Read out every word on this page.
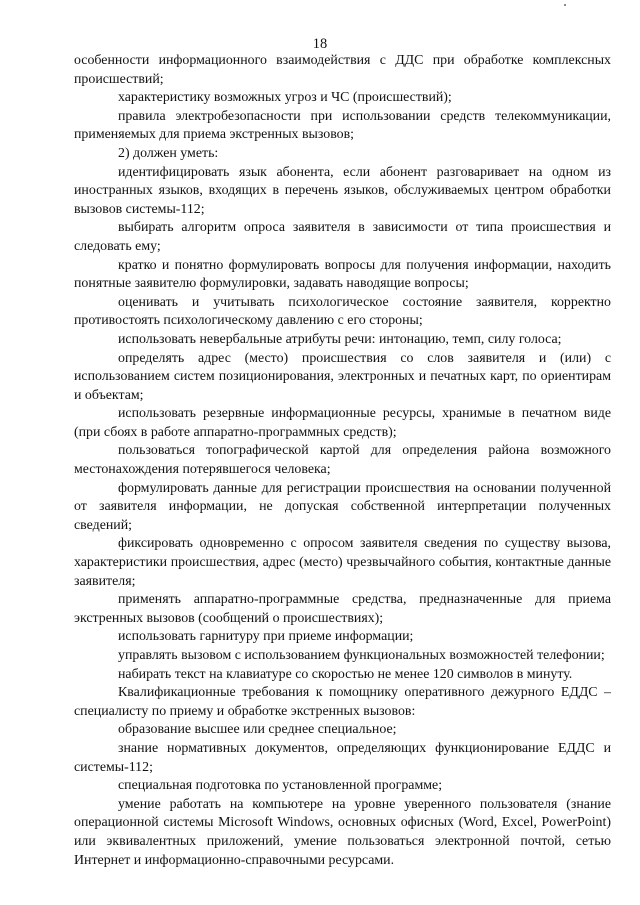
18

особенности информационного взаимодействия с ДДС при обработке комплексных происшествий;

характеристику возможных угроз и ЧС (происшествий);

правила электробезопасности при использовании средств телекоммуникации, применяемых для приема экстренных вызовов;

2) должен уметь:

идентифицировать язык абонента, если абонент разговаривает на одном из иностранных языков, входящих в перечень языков, обслуживаемых центром обработки вызовов системы-112;

выбирать алгоритм опроса заявителя в зависимости от типа происшествия и следовать ему;

кратко и понятно формулировать вопросы для получения информации, находить понятные заявителю формулировки, задавать наводящие вопросы;

оценивать и учитывать психологическое состояние заявителя, корректно противостоять психологическому давлению с его стороны;

использовать невербальные атрибуты речи: интонацию, темп, силу голоса;

определять адрес (место) происшествия со слов заявителя и (или) с использованием систем позиционирования, электронных и печатных карт, по ориентирам и объектам;

использовать резервные информационные ресурсы, хранимые в печатном виде (при сбоях в работе аппаратно-программных средств);

пользоваться топографической картой для определения района возможного местонахождения потерявшегося человека;

формулировать данные для регистрации происшествия на основании полученной от заявителя информации, не допуская собственной интерпретации полученных сведений;

фиксировать одновременно с опросом заявителя сведения по существу вызова, характеристики происшествия, адрес (место) чрезвычайного события, контактные данные заявителя;

применять аппаратно-программные средства, предназначенные для приема экстренных вызовов (сообщений о происшествиях);

использовать гарнитуру при приеме информации;

управлять вызовом с использованием функциональных возможностей телефонии;

набирать текст на клавиатуре со скоростью не менее 120 символов в минуту.

Квалификационные требования к помощнику оперативного дежурного ЕДДС – специалисту по приему и обработке экстренных вызовов:

образование высшее или среднее специальное;

знание нормативных документов, определяющих функционирование ЕДДС и системы-112;

специальная подготовка по установленной программе;

умение работать на компьютере на уровне уверенного пользователя (знание операционной системы Microsoft Windows, основных офисных (Word, Excel, PowerPoint) или эквивалентных приложений, умение пользоваться электронной почтой, сетью Интернет и информационно-справочными ресурсами.
